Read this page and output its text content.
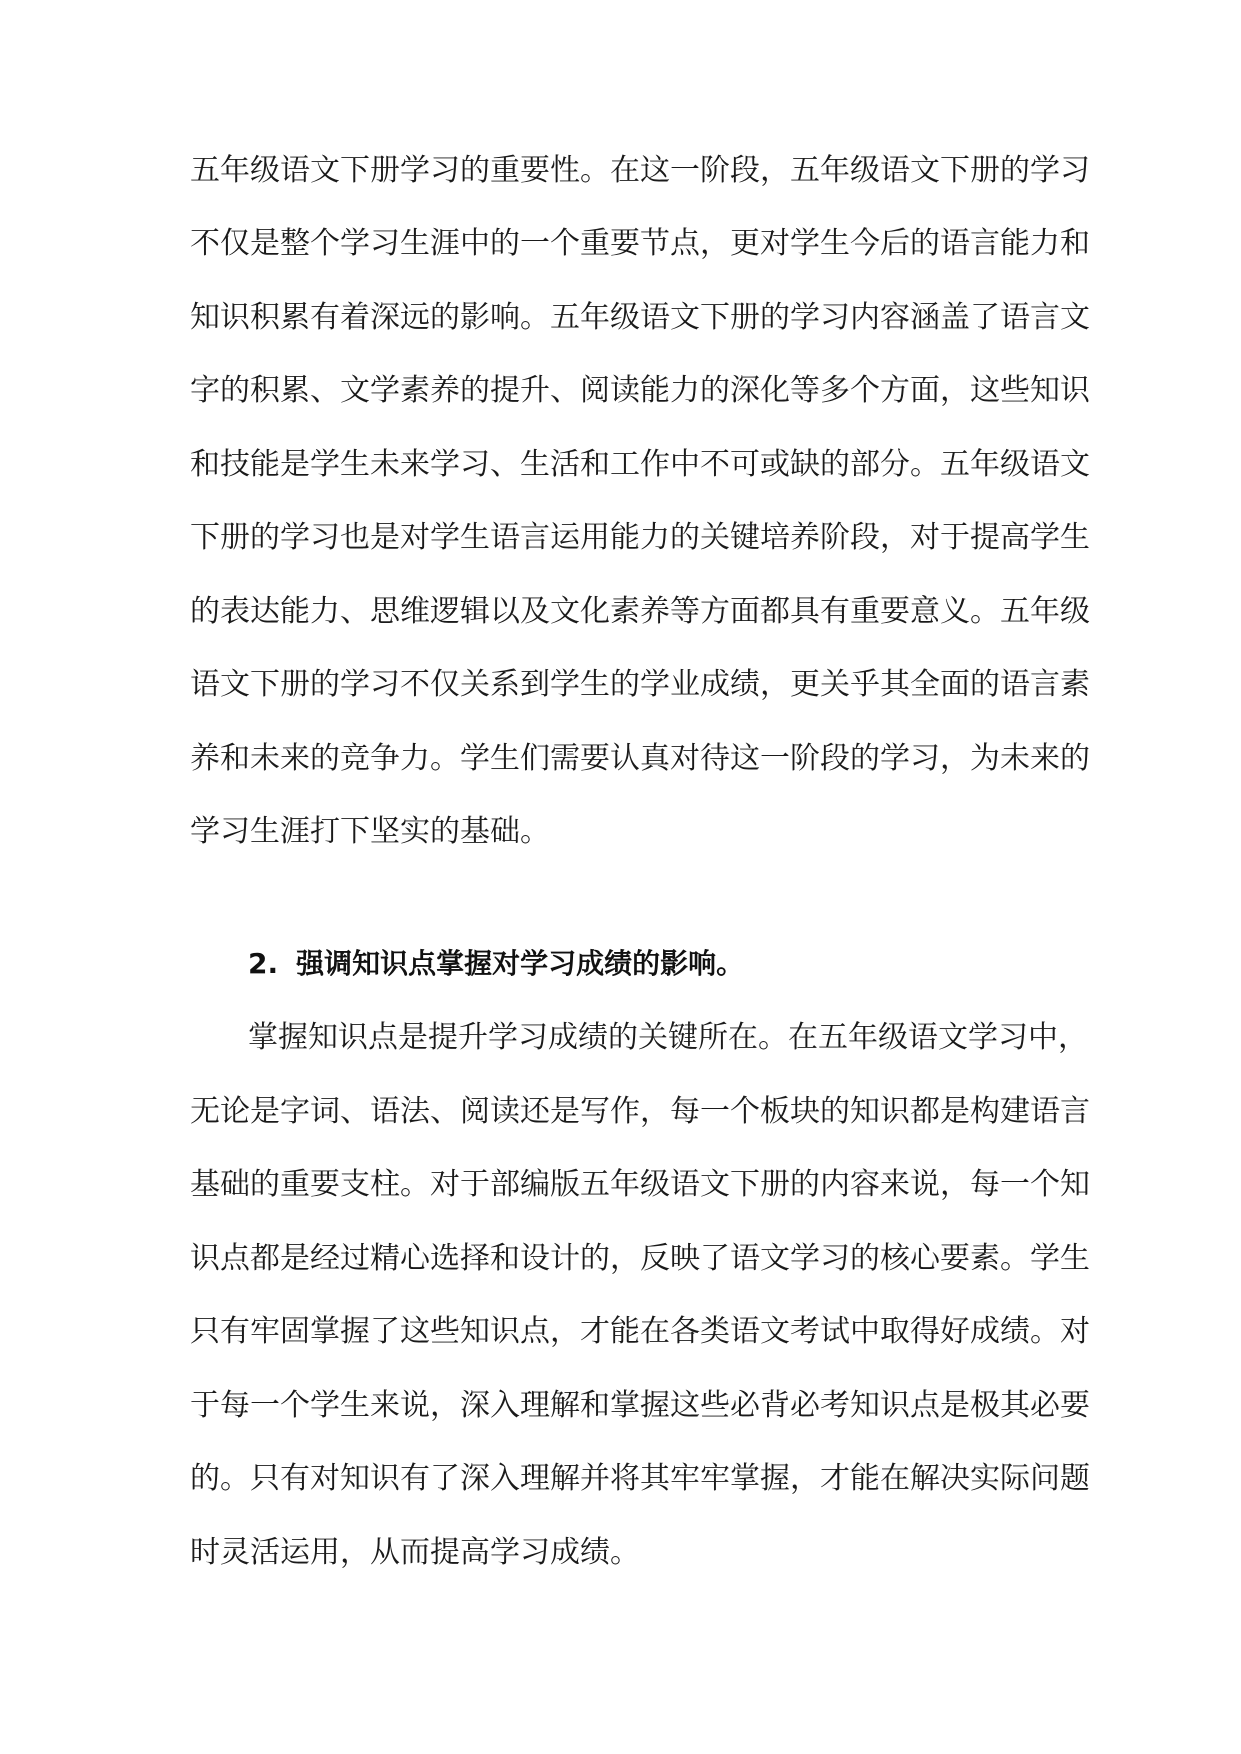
五年级语文下册学习的重要性。在这一阶段，五年级语文下册的学习
不仅是整个学习生涯中的一个重要节点，更对学生今后的语言能力和
知识积累有着深远的影响。五年级语文下册的学习内容涵盖了语言文
字的积累、文学素养的提升、阅读能力的深化等多个方面，这些知识
和技能是学生未来学习、生活和工作中不可或缺的部分。五年级语文
下册的学习也是对学生语言运用能力的关键培养阶段，对于提高学生
的表达能力、思维逻辑以及文化素养等方面都具有重要意义。五年级
语文下册的学习不仅关系到学生的学业成绩，更关乎其全面的语言素
养和未来的竞争力。学生们需要认真对待这一阶段的学习，为未来的
学习生涯打下坚实的基础。
2. 强调知识点掌握对学习成绩的影响。
掌握知识点是提升学习成绩的关键所在。在五年级语文学习中，
无论是字词、语法、阅读还是写作，每一个板块的知识都是构建语言
基础的重要支柱。对于部编版五年级语文下册的内容来说，每一个知
识点都是经过精心选择和设计的，反映了语文学习的核心要素。学生
只有牢固掌握了这些知识点，才能在各类语文考试中取得好成绩。对
于每一个学生来说，深入理解和掌握这些必背必考知识点是极其必要
的。只有对知识有了深入理解并将其牢牢掌握，才能在解决实际问题
时灵活运用，从而提高学习成绩。
